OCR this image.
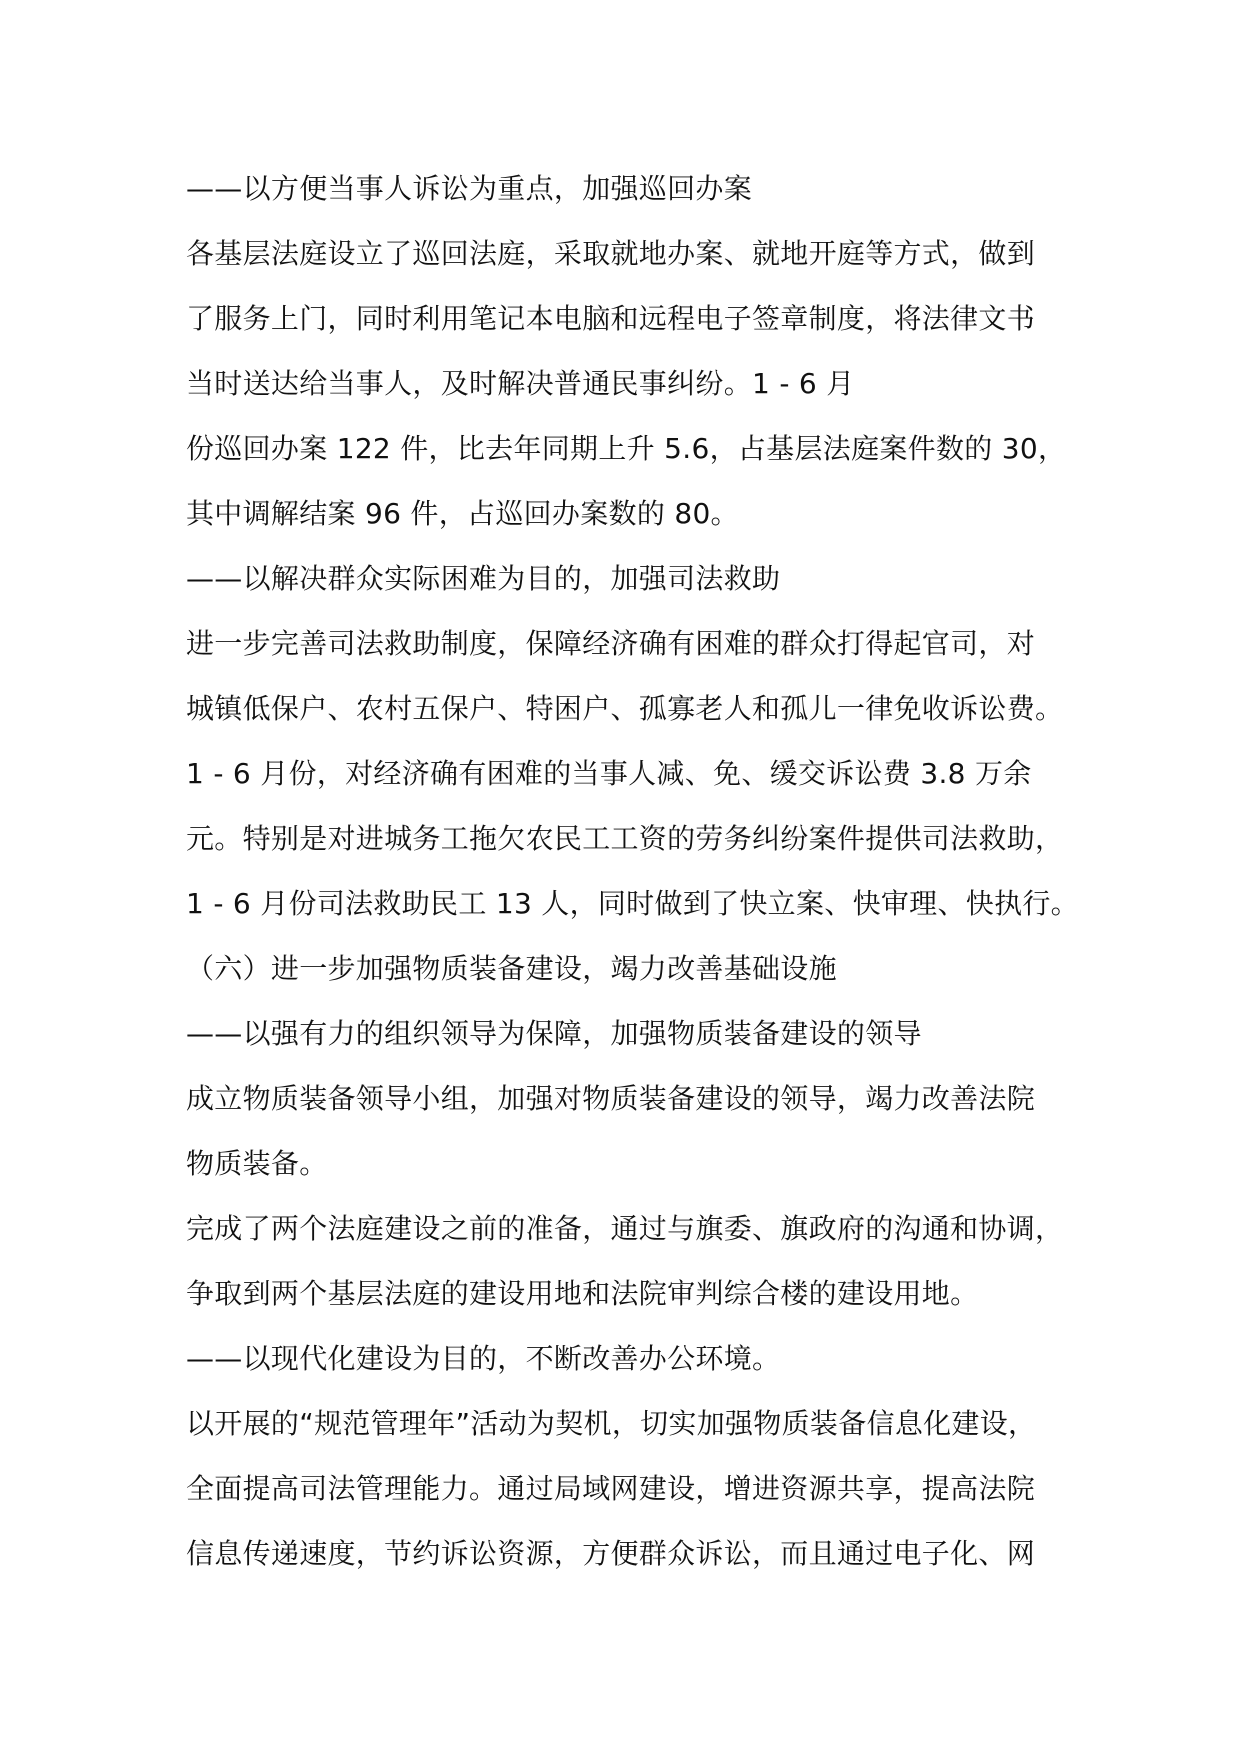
——以方便当事人诉讼为重点，加强巡回办案
各基层法庭设立了巡回法庭，采取就地办案、就地开庭等方式，做到
了服务上门，同时利用笔记本电脑和远程电子签章制度，将法律文书
当时送达给当事人，及时解决普通民事纠纷。1 - 6 月
份巡回办案 122 件，比去年同期上升 5.6，占基层法庭案件数的 30，
其中调解结案 96 件，占巡回办案数的 80。
——以解决群众实际困难为目的，加强司法救助
进一步完善司法救助制度，保障经济确有困难的群众打得起官司，对
城镇低保户、农村五保户、特困户、孤寡老人和孤儿一律免收诉讼费。
1 - 6 月份，对经济确有困难的当事人减、免、缓交诉讼费 3.8 万余
元。特别是对进城务工拖欠农民工工资的劳务纠纷案件提供司法救助，
1 - 6 月份司法救助民工 13 人，同时做到了快立案、快审理、快执行。
（六）进一步加强物质装备建设，竭力改善基础设施
——以强有力的组织领导为保障，加强物质装备建设的领导
成立物质装备领导小组，加强对物质装备建设的领导，竭力改善法院
物质装备。
完成了两个法庭建设之前的准备，通过与旗委、旗政府的沟通和协调，
争取到两个基层法庭的建设用地和法院审判综合楼的建设用地。
——以现代化建设为目的，不断改善办公环境。
以开展的“规范管理年”活动为契机，切实加强物质装备信息化建设，
全面提高司法管理能力。通过局域网建设，增进资源共享，提高法院
信息传递速度，节约诉讼资源，方便群众诉讼，而且通过电子化、网
